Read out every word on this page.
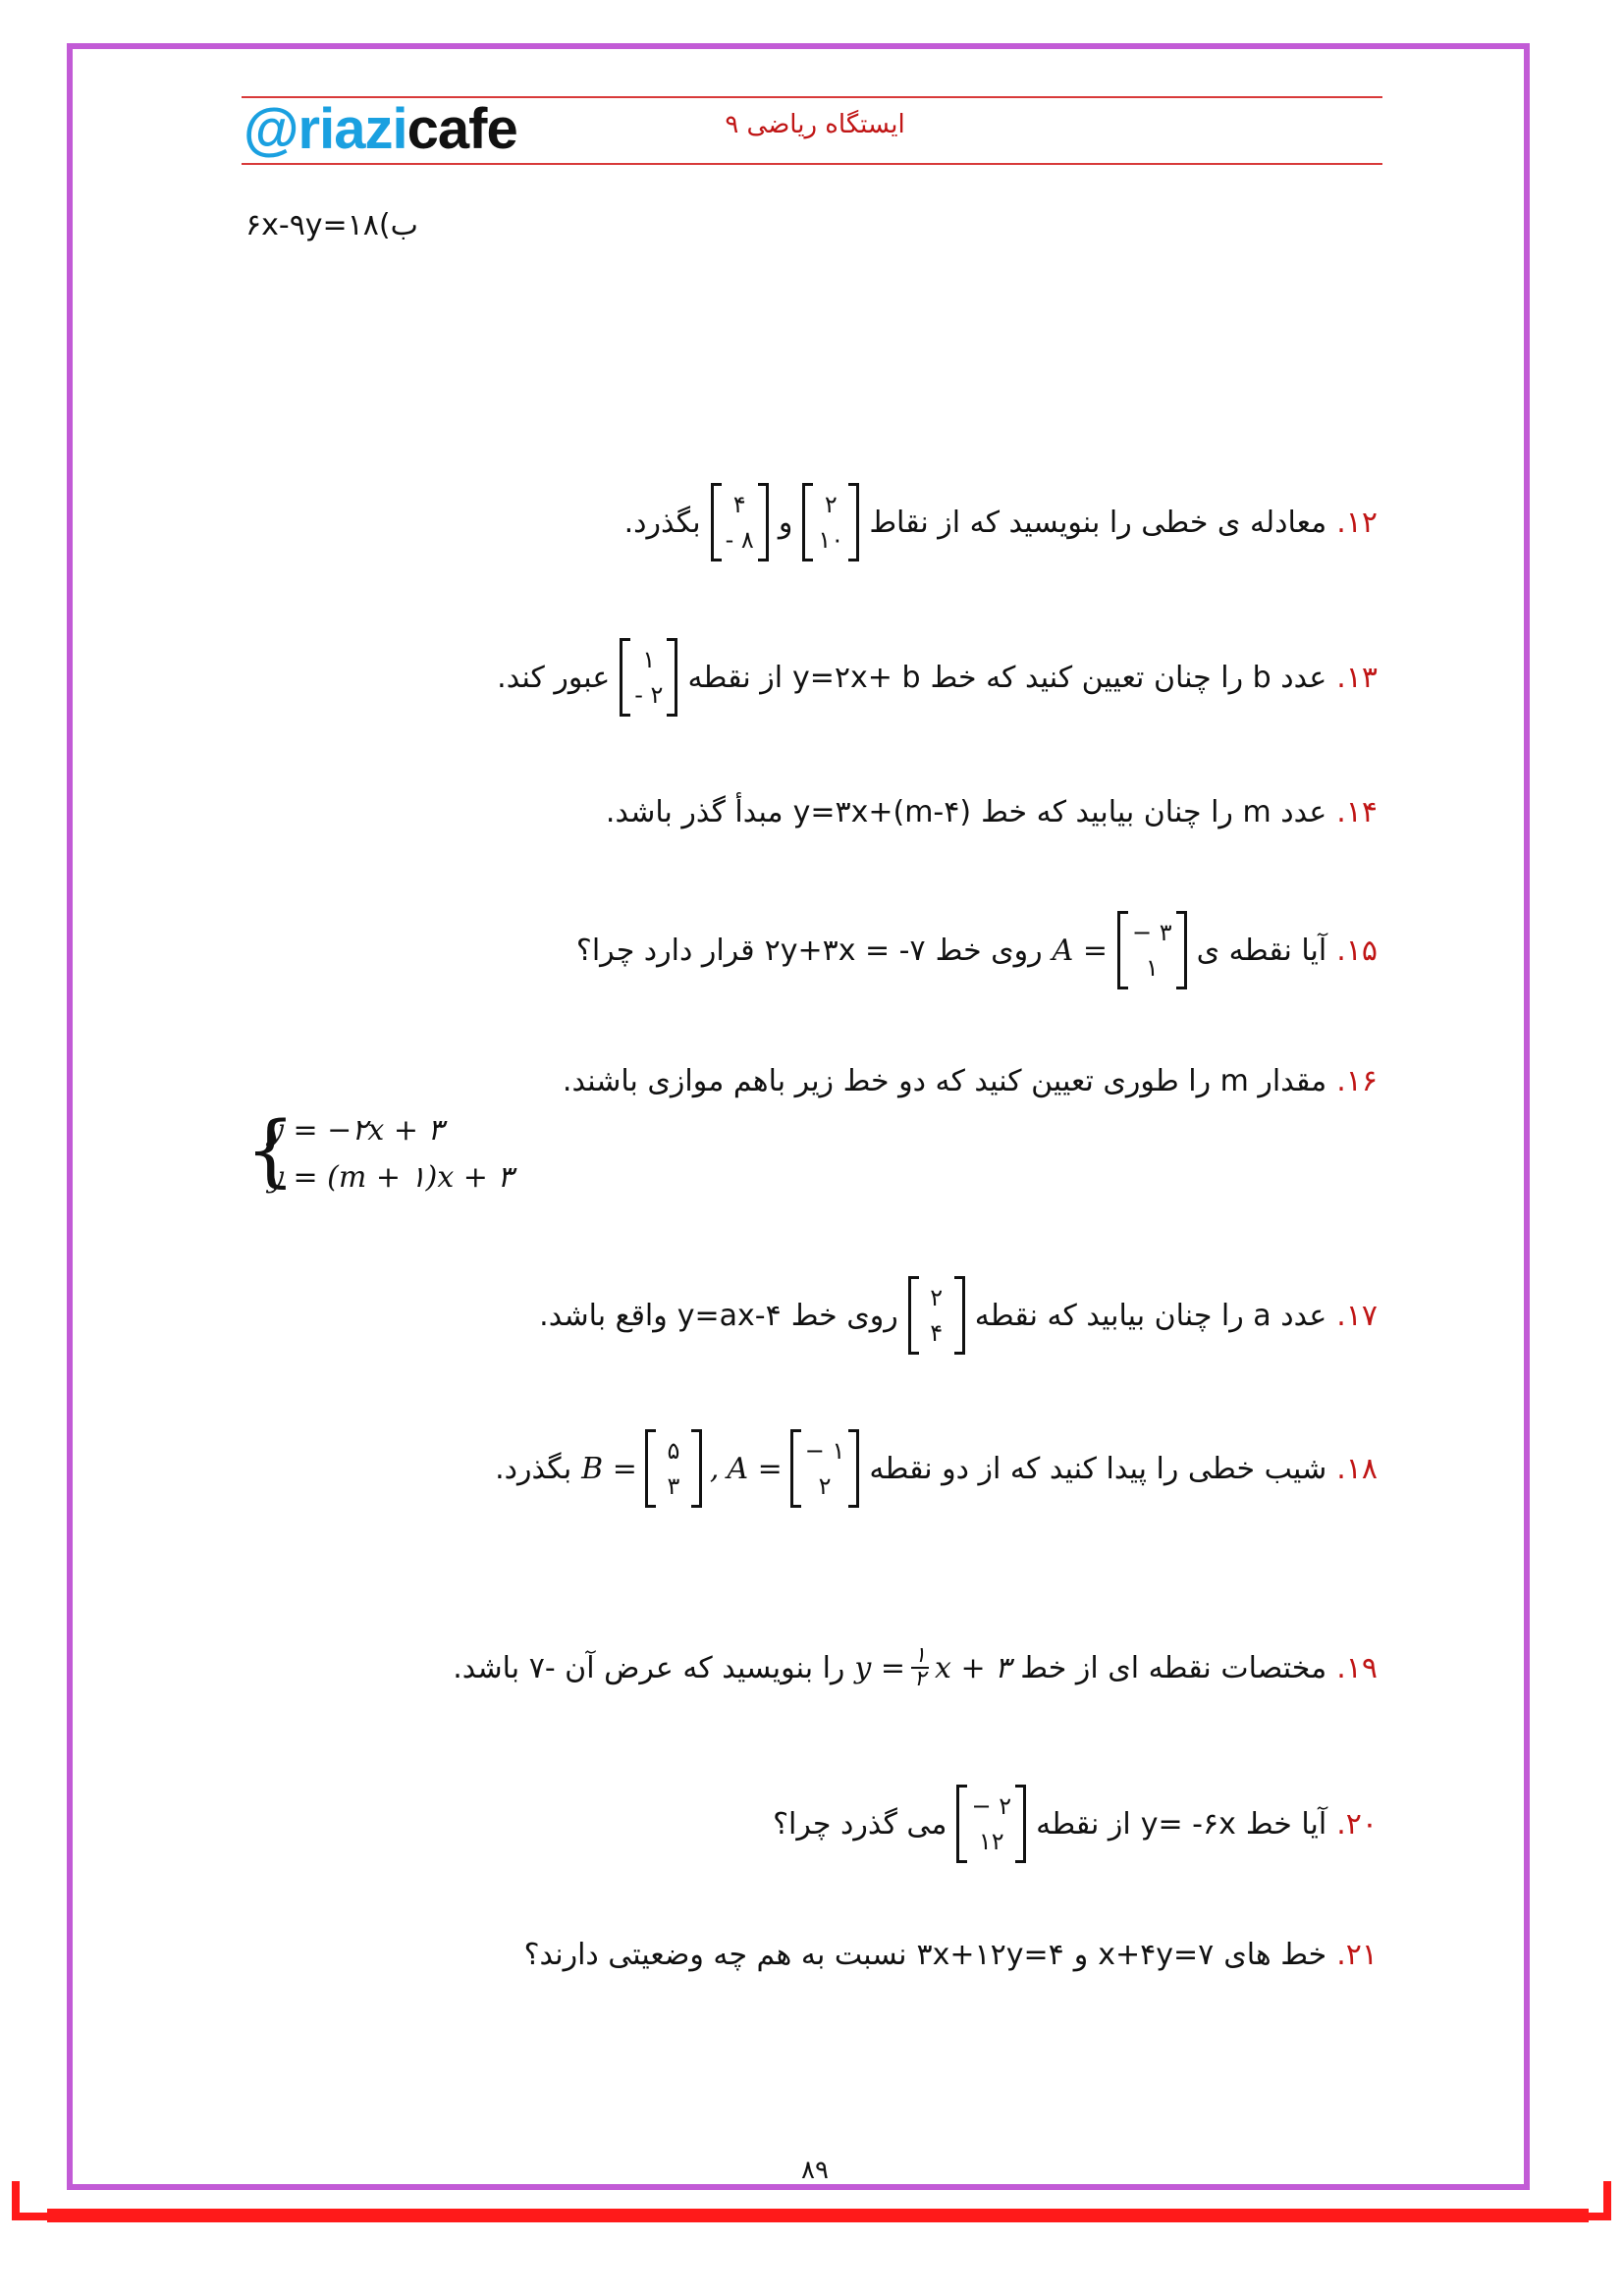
@riazicafe	ایستگاه ریاضی ۹
۶x-۹y=۱۸(ب
۱۲.
معادله ی خطی را بنویسید که از نقاط
۲
۱۰
و
۴
- ۸
بگذرد.
۱۳.
عدد b را چنان تعیین کنید که خط
y=۲x+ b
از نقطه
۱
- ۲
عبور کند.
۱۴.
عدد m را چنان بیابید که خط
y=۳x+(m-۴)
مبدأ گذر باشد.
۱۵.
آیا نقطه ی
− ۳
۱
A =
روی خط
۲y+۳x = -۷
قرار دارد چرا؟
۱۶.
مقدار m را طوری تعیین کنید که دو خط زیر باهم موازی باشند.
{
y = −۲x + ۳
y = (m + ۱)x + ۳
۱۷.
عدد a را چنان بیابید که نقطه
۲
۴
روی خط
y=ax-۴
واقع باشد.
۱۸.
شیب خطی را پیدا کنید که از دو نقطه
B =
۵
۳
, A =
− ۱
۲
بگذرد.
۱۹.
مختصات نقطه ای از خط
$y = \frac{۱}{۲}$ x + ۳
را بنویسید که عرض آن -۷ باشد.
۲۰.
آیا خط
y= -۶x
از نقطه
− ۲
۱۲
می گذرد چرا؟
۲۱.
خط های
x+۴y=۷
و
۳x+۱۲y=۴
نسبت به هم چه وضعیتی دارند؟
۸۹
